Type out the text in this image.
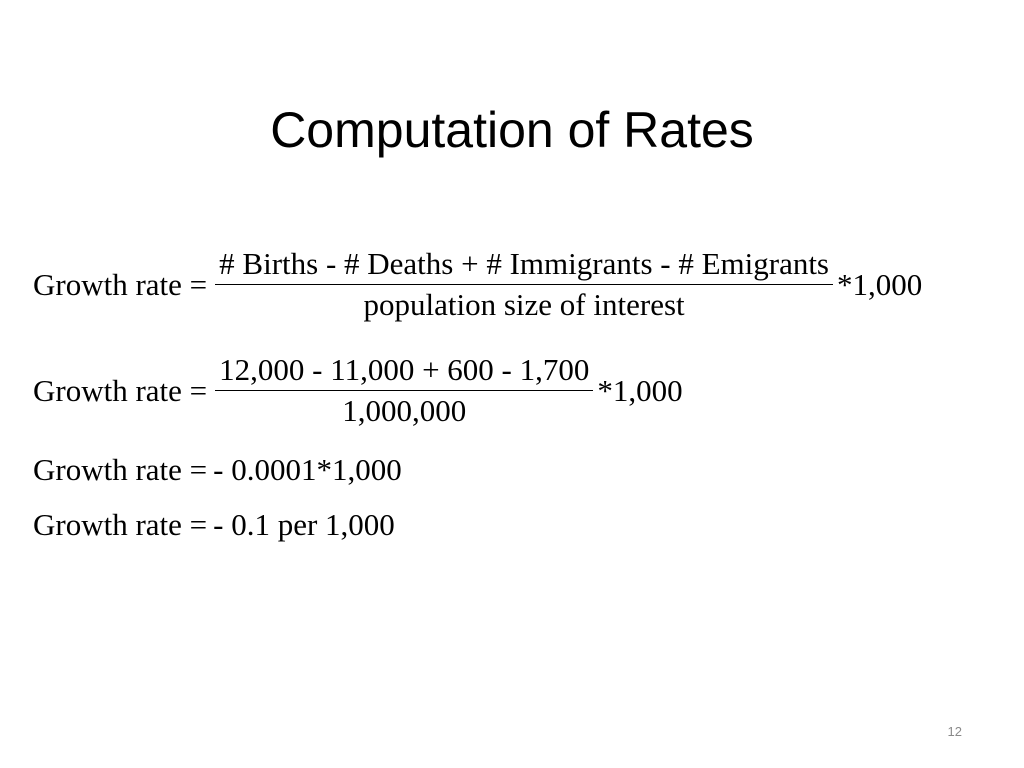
Computation of Rates
Growth rate = $\frac{\text{\# Births - \# Deaths + \# Immigrants - \# Emigrants}}{\text{population size of interest}} *1,000$
Growth rate = $\frac{12,000 - 11,000 + 600 - 1,700}{1,000,000} *1,000$
Growth rate = - 0.0001*1,000
Growth rate = - 0.1 per 1,000
12
